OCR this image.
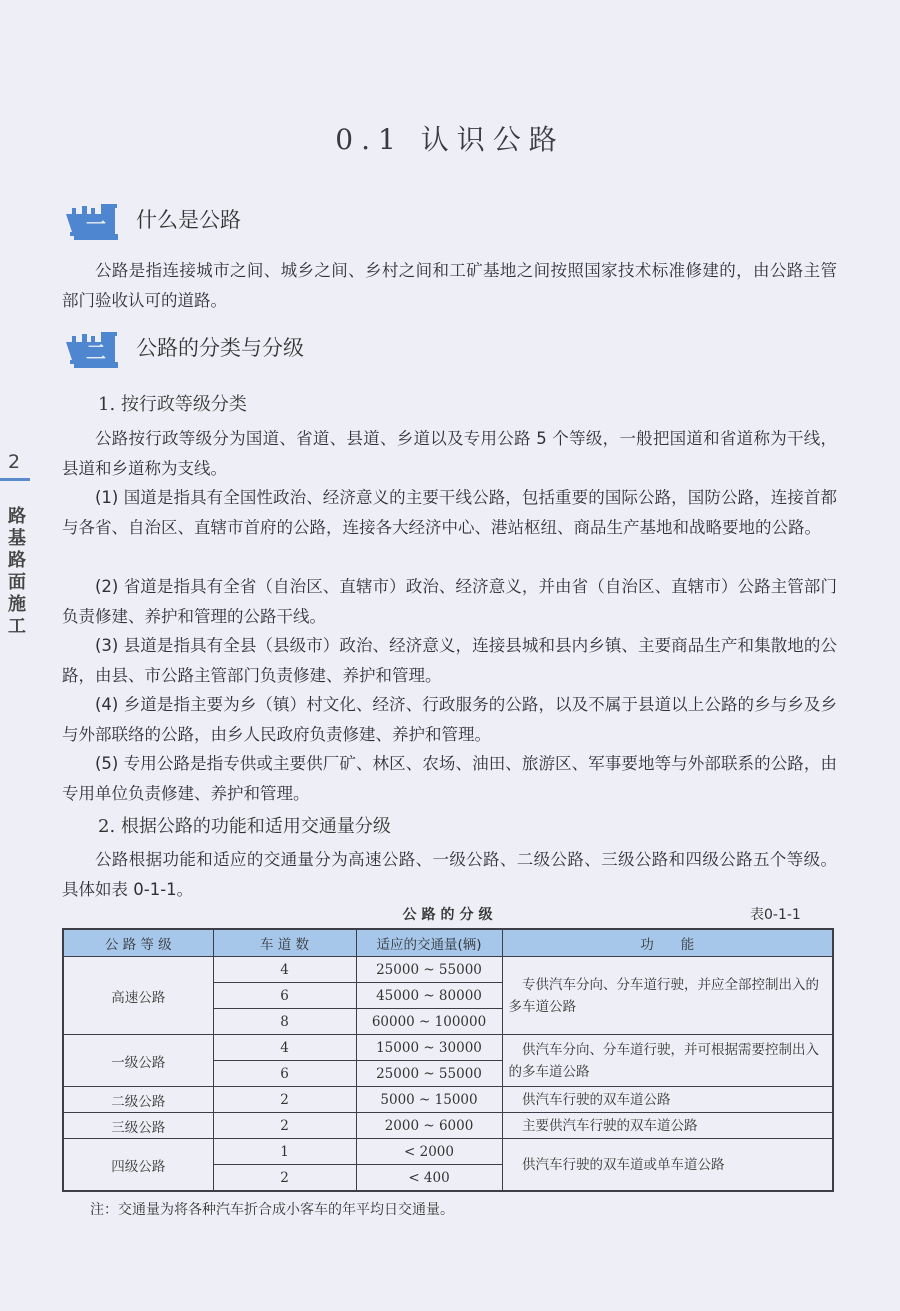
0.1 认识公路
2
路基路面施工
一 什么是公路
公路是指连接城市之间、城乡之间、乡村之间和工矿基地之间按照国家技术标准修建的，由公路主管部门验收认可的道路。
二 公路的分类与分级
1. 按行政等级分类
公路按行政等级分为国道、省道、县道、乡道以及专用公路 5 个等级，一般把国道和省道称为干线，县道和乡道称为支线。
(1) 国道是指具有全国性政治、经济意义的主要干线公路，包括重要的国际公路，国防公路，连接首都与各省、自治区、直辖市首府的公路，连接各大经济中心、港站枢纽、商品生产基地和战略要地的公路。
(2) 省道是指具有全省（自治区、直辖市）政治、经济意义，并由省（自治区、直辖市）公路主管部门负责修建、养护和管理的公路干线。
(3) 县道是指具有全县（县级市）政治、经济意义，连接县城和县内乡镇、主要商品生产和集散地的公路，由县、市公路主管部门负责修建、养护和管理。
(4) 乡道是指主要为乡（镇）村文化、经济、行政服务的公路，以及不属于县道以上公路的乡与乡及乡与外部联络的公路，由乡人民政府负责修建、养护和管理。
(5) 专用公路是指专供或主要供厂矿、林区、农场、油田、旅游区、军事要地等与外部联系的公路，由专用单位负责修建、养护和管理。
2. 根据公路的功能和适用交通量分级
公路根据功能和适应的交通量分为高速公路、一级公路、二级公路、三级公路和四级公路五个等级。具体如表 0-1-1。
公路的分级	表0-1-1
公 路 等 级	车 道 数	适应的交通量(辆)	功　　能
高速公路	4	25000 ~ 55000	专供汽车分向、分车道行驶，并应全部控制出入的多车道公路
	6	45000 ~ 80000	
	8	60000 ~ 100000	
一级公路	4	15000 ~ 30000	供汽车分向、分车道行驶，并可根据需要控制出入的多车道公路
	6	25000 ~ 55000	
二级公路	2	5000 ~ 15000	供汽车行驶的双车道公路
三级公路	2	2000 ~ 6000	主要供汽车行驶的双车道公路
四级公路	1	< 2000	供汽车行驶的双车道或单车道公路
	2	< 400	
注：交通量为将各种汽车折合成小客车的年平均日交通量。
